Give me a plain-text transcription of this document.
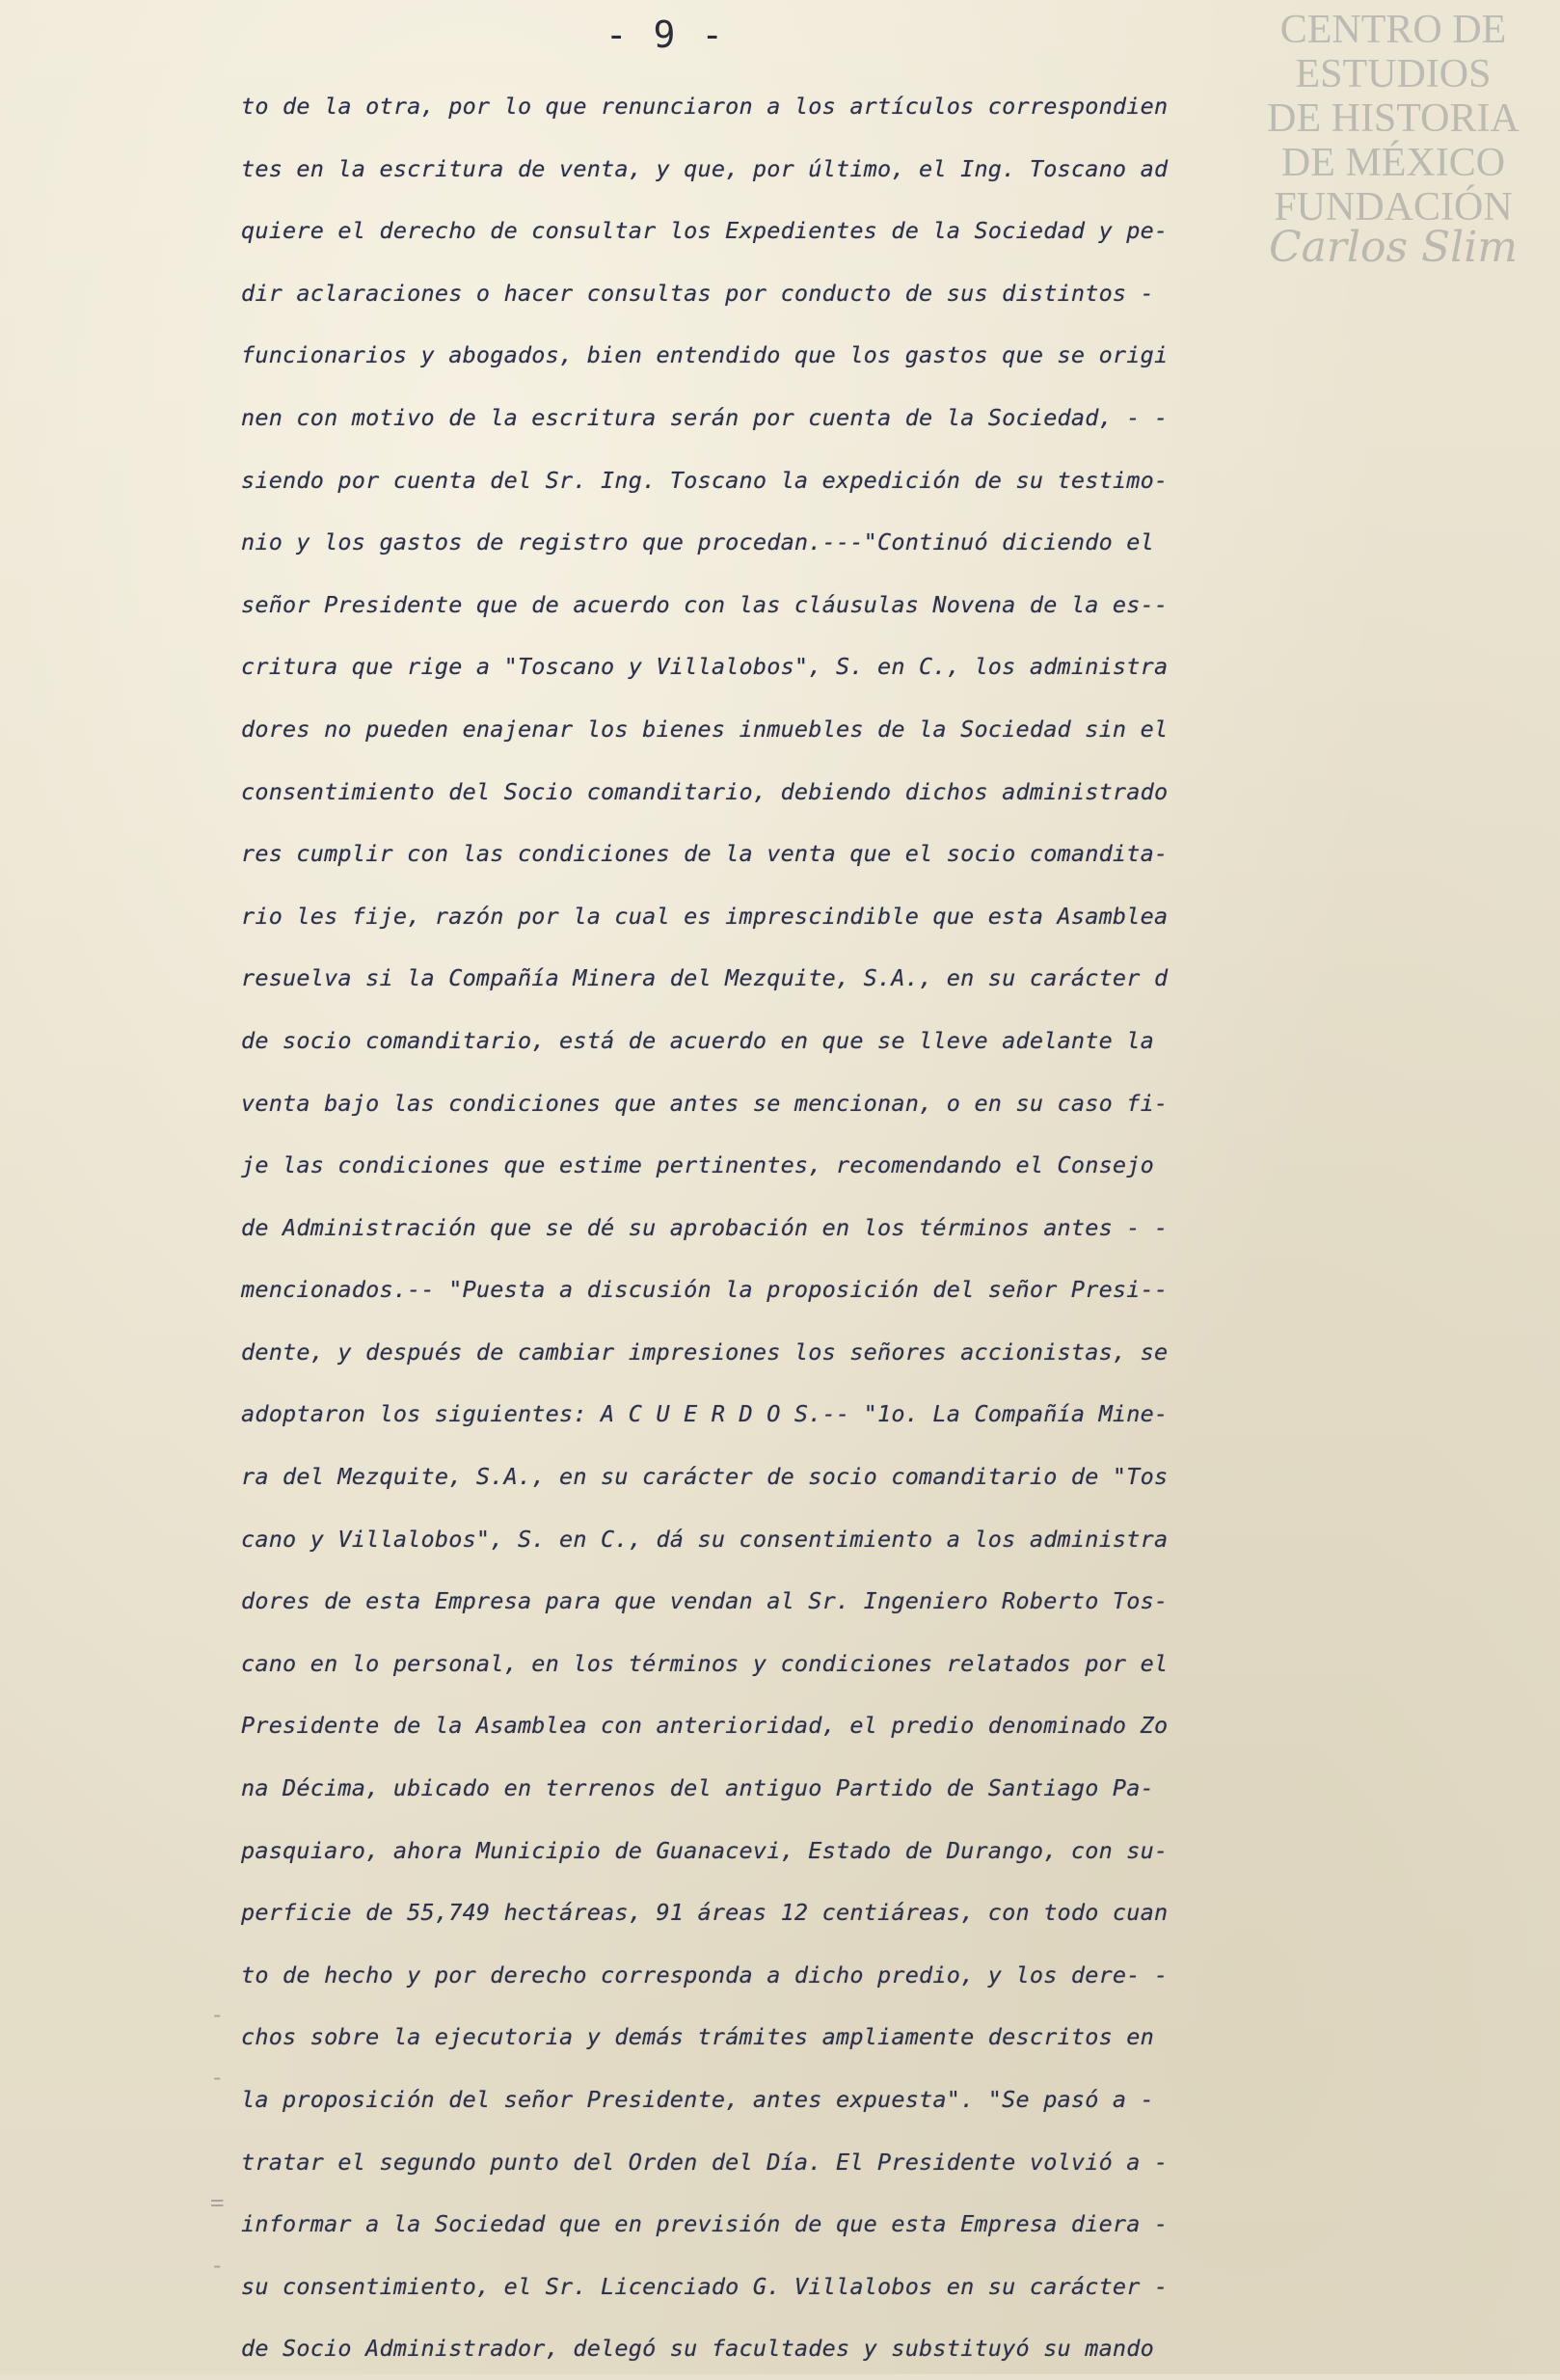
- 9 -	CENTRO DE
ESTUDIOS
DE HISTORIA
DE MÉXICO
FUNDACIÓN
Carlos Slim
-
-
=
-
to de la otra, por lo que renunciaron a los artículos correspondien
tes en la escritura de venta, y que, por último, el Ing. Toscano ad
quiere el derecho de consultar los Expedientes de la Sociedad y pe-
dir aclaraciones o hacer consultas por conducto de sus distintos -
funcionarios y abogados, bien entendido que los gastos que se origi
nen con motivo de la escritura serán por cuenta de la Sociedad, - -
siendo por cuenta del Sr. Ing. Toscano la expedición de su testimo-
nio y los gastos de registro que procedan.---"Continuó diciendo el
señor Presidente que de acuerdo con las cláusulas Novena de la es--
critura que rige a "Toscano y Villalobos", S. en C., los administra
dores no pueden enajenar los bienes inmuebles de la Sociedad sin el
consentimiento del Socio comanditario, debiendo dichos administrado
res cumplir con las condiciones de la venta que el socio comandita-
rio les fije, razón por la cual es imprescindible que esta Asamblea
resuelva si la Compañía Minera del Mezquite, S.A., en su carácter d
de socio comanditario, está de acuerdo en que se lleve adelante la
venta bajo las condiciones que antes se mencionan, o en su caso fi-
je las condiciones que estime pertinentes, recomendando el Consejo
de Administración que se dé su aprobación en los términos antes - -
mencionados.-- "Puesta a discusión la proposición del señor Presi--
dente, y después de cambiar impresiones los señores accionistas, se
adoptaron los siguientes: A C U E R D O S.-- "1o. La Compañía Mine-
ra del Mezquite, S.A., en su carácter de socio comanditario de "Tos
cano y Villalobos", S. en C., dá su consentimiento a los administra
dores de esta Empresa para que vendan al Sr. Ingeniero Roberto Tos-
cano en lo personal, en los términos y condiciones relatados por el
Presidente de la Asamblea con anterioridad, el predio denominado Zo
na Décima, ubicado en terrenos del antiguo Partido de Santiago Pa-
pasquiaro, ahora Municipio de Guanacevi, Estado de Durango, con su-
perficie de 55,749 hectáreas, 91 áreas 12 centiáreas, con todo cuan
to de hecho y por derecho corresponda a dicho predio, y los dere- -
chos sobre la ejecutoria y demás trámites ampliamente descritos en
la proposición del señor Presidente, antes expuesta". "Se pasó a -
tratar el segundo punto del Orden del Día. El Presidente volvió a -
informar a la Sociedad que en previsión de que esta Empresa diera -
su consentimiento, el Sr. Licenciado G. Villalobos en su carácter -
de Socio Administrador, delegó su facultades y substituyó su mando
